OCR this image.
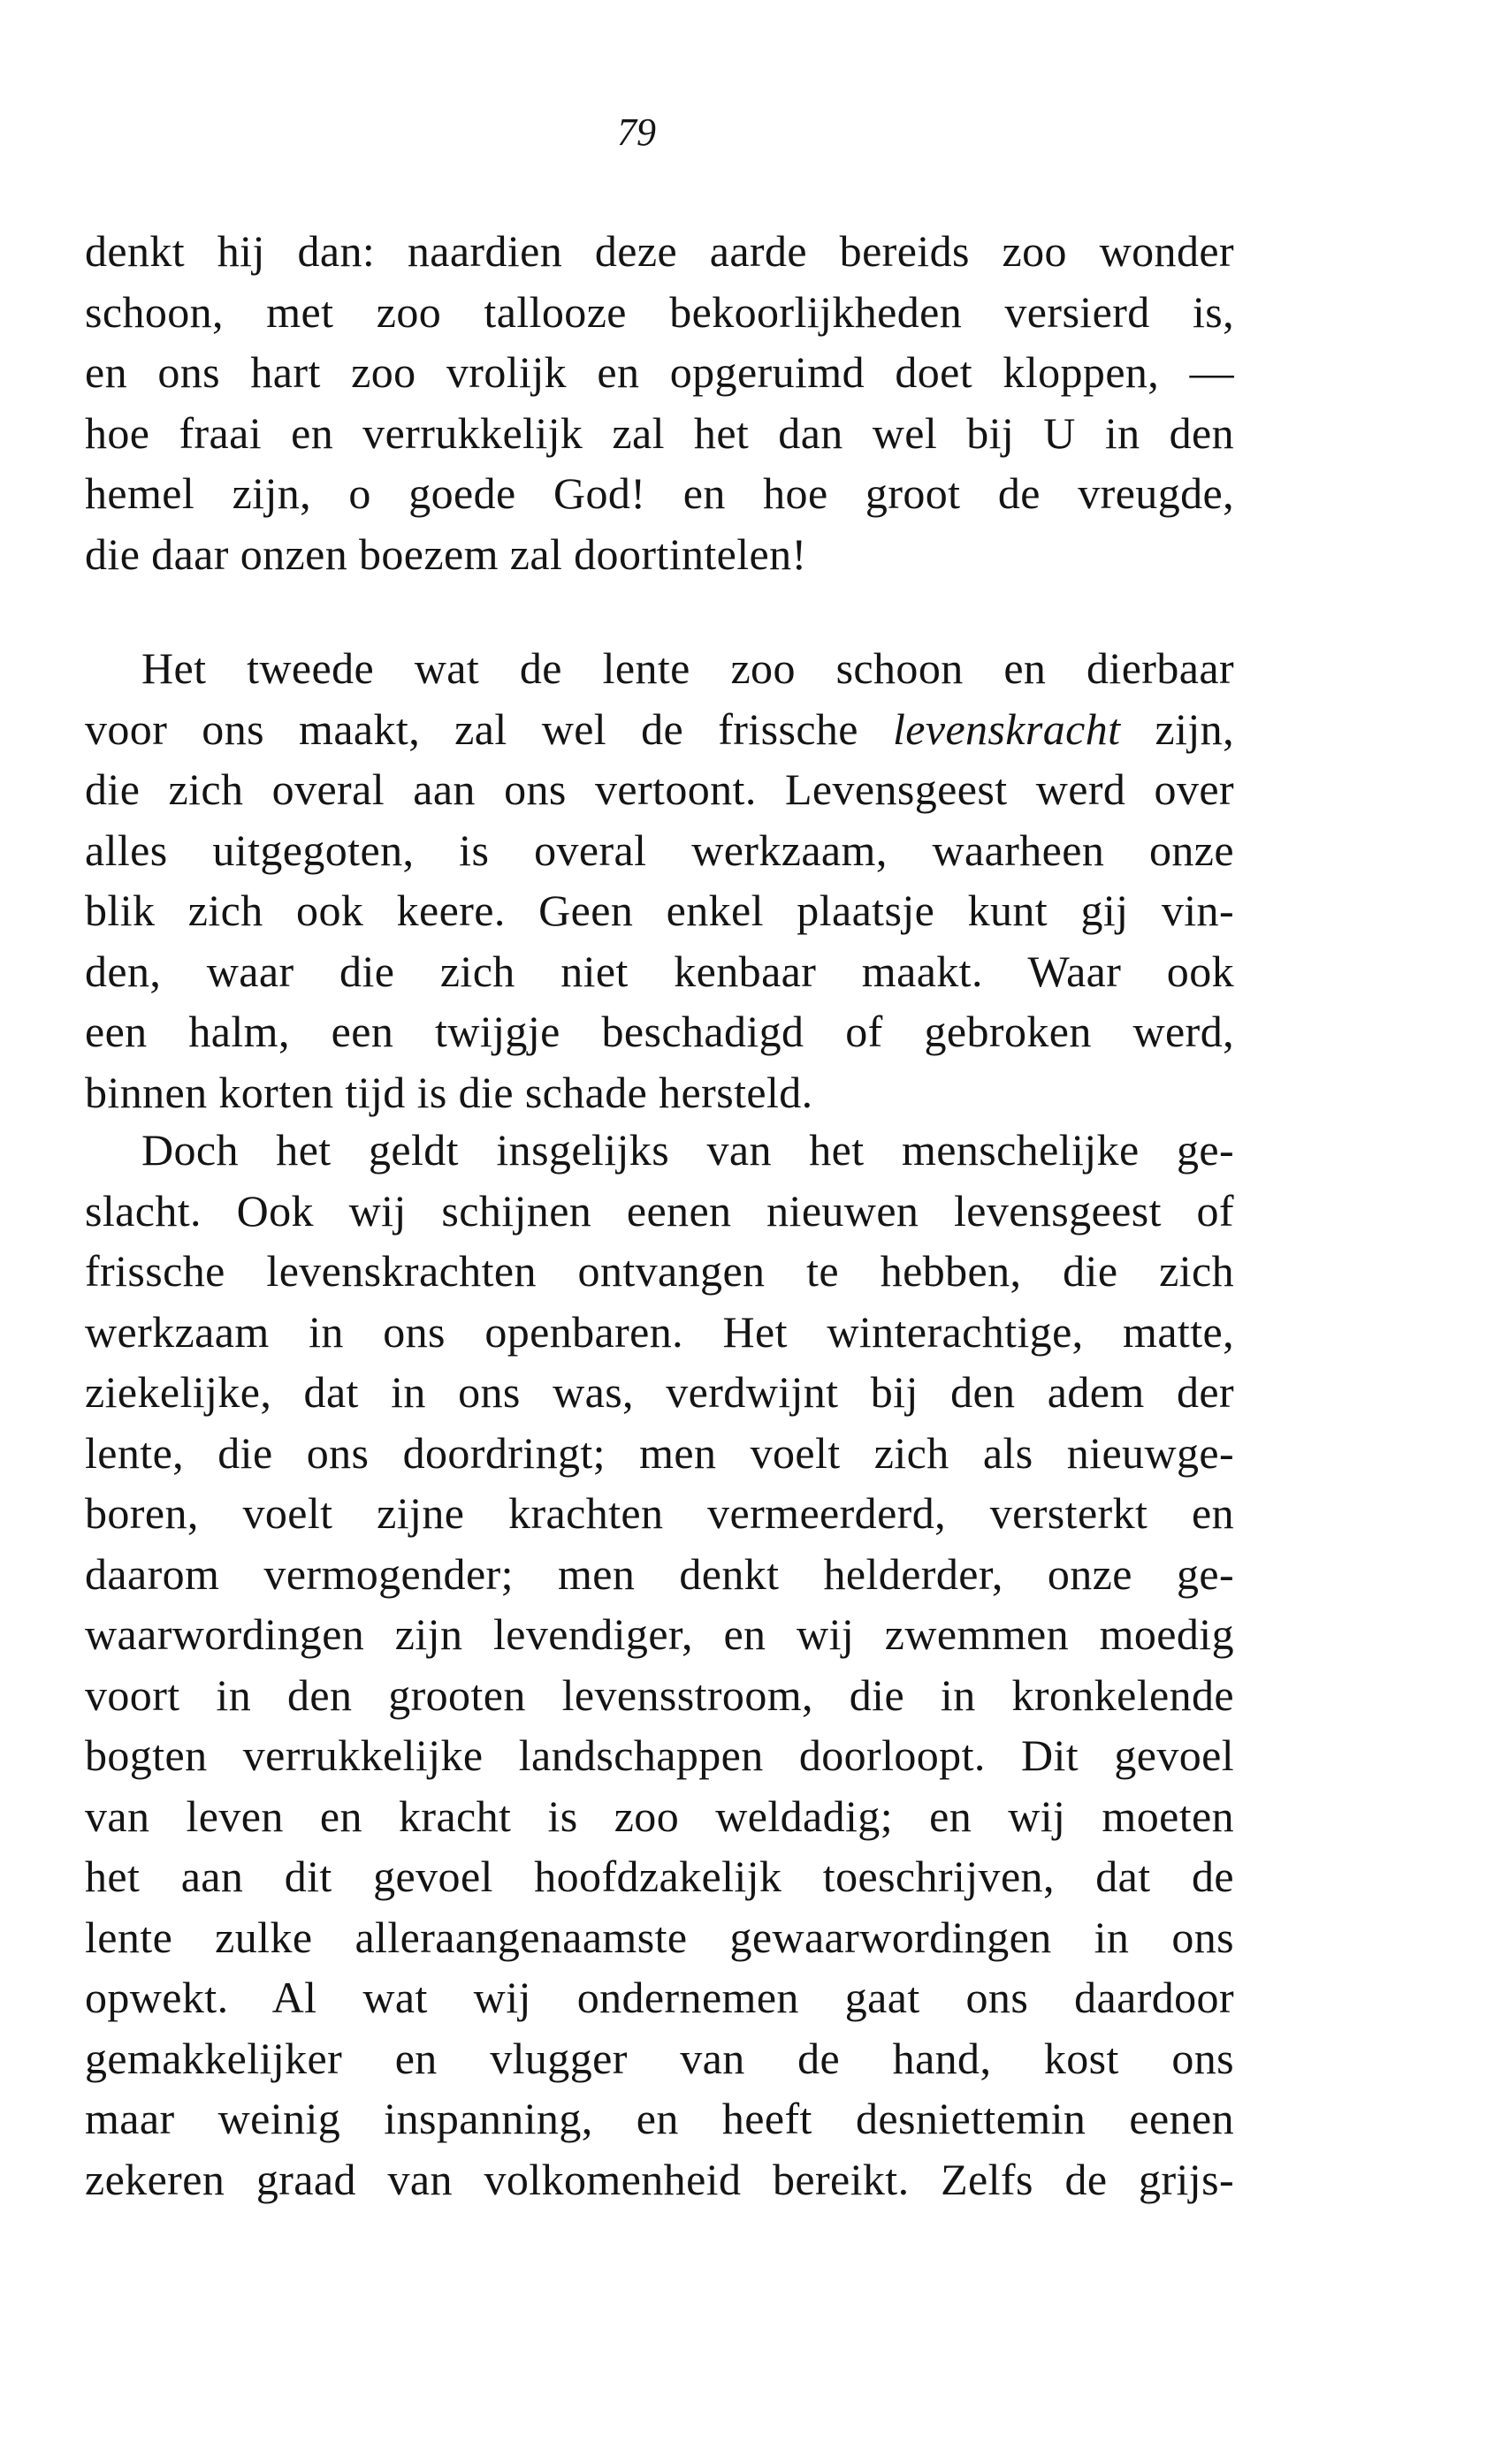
79
denkt hij dan: naardien deze aarde bereids zoo wonder
schoon, met zoo tallooze bekoorlijkheden versierd is,
en ons hart zoo vrolijk en opgeruimd doet kloppen, —
hoe fraai en verrukkelijk zal het dan wel bij U in den
hemel zijn, o goede God! en hoe groot de vreugde,
die daar onzen boezem zal doortintelen!
Het tweede wat de lente zoo schoon en dierbaar
voor ons maakt, zal wel de frissche levenskracht zijn,
die zich overal aan ons vertoont. Levensgeest werd over
alles uitgegoten, is overal werkzaam, waarheen onze
blik zich ook keere. Geen enkel plaatsje kunt gij vin-
den, waar die zich niet kenbaar maakt. Waar ook
een halm, een twijgje beschadigd of gebroken werd,
binnen korten tijd is die schade hersteld.
Doch het geldt insgelijks van het menschelijke ge-
slacht. Ook wij schijnen eenen nieuwen levensgeest of
frissche levenskrachten ontvangen te hebben, die zich
werkzaam in ons openbaren. Het winterachtige, matte,
ziekelijke, dat in ons was, verdwijnt bij den adem der
lente, die ons doordringt; men voelt zich als nieuwge-
boren, voelt zijne krachten vermeerderd, versterkt en
daarom vermogender; men denkt helderder, onze ge-
waarwordingen zijn levendiger, en wij zwemmen moedig
voort in den grooten levensstroom, die in kronkelende
bogten verrukkelijke landschappen doorloopt. Dit gevoel
van leven en kracht is zoo weldadig; en wij moeten
het aan dit gevoel hoofdzakelijk toeschrijven, dat de
lente zulke alleraangenaamste gewaarwordingen in ons
opwekt. Al wat wij ondernemen gaat ons daardoor
gemakkelijker en vlugger van de hand, kost ons
maar weinig inspanning, en heeft desniettemin eenen
zekeren graad van volkomenheid bereikt. Zelfs de grijs-
